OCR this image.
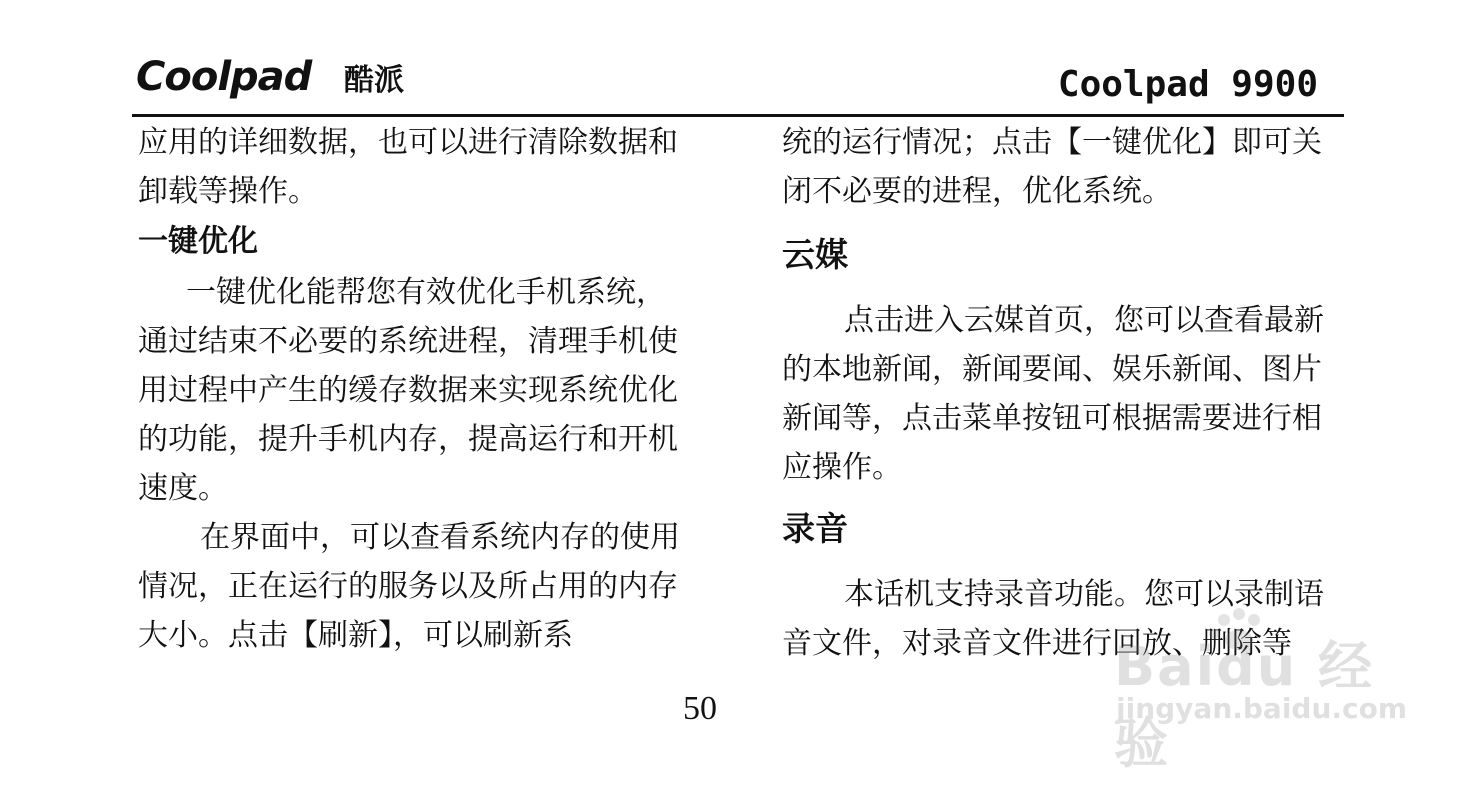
Coolpad 酷派	Coolpad 9900

应用的详细数据，也可以进行清除数据和卸载等操作。

一键优化

一键优化能帮您有效优化手机系统，通过结束不必要的系统进程，清理手机使用过程中产生的缓存数据来实现系统优化的功能，提升手机内存，提高运行和开机速度。

在界面中，可以查看系统内存的使用情况，正在运行的服务以及所占用的内存大小。点击【刷新】，可以刷新系

统的运行情况；点击【一键优化】即可关闭不必要的进程，优化系统。

云媒

点击进入云媒首页，您可以查看最新的本地新闻，新闻要闻、娱乐新闻、图片新闻等，点击菜单按钮可根据需要进行相应操作。

录音

本话机支持录音功能。您可以录制语音文件，对录音文件进行回放、删除等

50
Baidu 经验
jingyan.baidu.com
